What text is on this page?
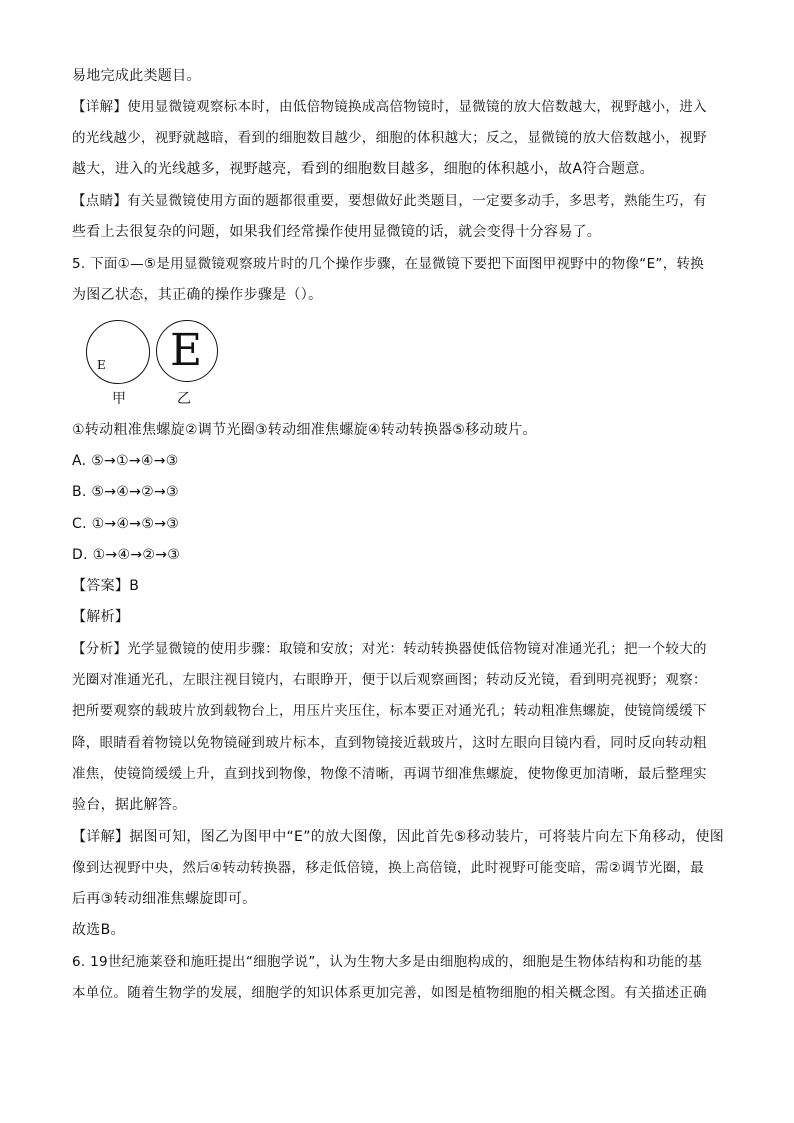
易地完成此类题目。
【详解】使用显微镜观察标本时，由低倍物镜换成高倍物镜时，显微镜的放大倍数越大，视野越小，进入
的光线越少，视野就越暗，看到的细胞数目越少，细胞的体积越大；反之，显微镜的放大倍数越小，视野
越大，进入的光线越多，视野越亮，看到的细胞数目越多，细胞的体积越小，故A符合题意。
【点睛】有关显微镜使用方面的题都很重要，要想做好此类题目，一定要多动手，多思考，熟能生巧，有
些看上去很复杂的问题，如果我们经常操作使用显微镜的话，就会变得十分容易了。
5. 下面①—⑤是用显微镜观察玻片时的几个操作步骤，在显微镜下要把下面图甲视野中的物像“E”，转换
为图乙状态，其正确的操作步骤是（）。
E E
甲	乙
①转动粗准焦螺旋②调节光圈③转动细准焦螺旋④转动转换器⑤移动玻片。
A. ⑤→①→④→③
B. ⑤→④→②→③
C. ①→④→⑤→③
D. ①→④→②→③
【答案】B
【解析】
【分析】光学显微镜的使用步骤：取镜和安放；对光：转动转换器使低倍物镜对准通光孔；把一个较大的
光圈对准通光孔，左眼注视目镜内，右眼睁开，便于以后观察画图；转动反光镜，看到明亮视野；观察：
把所要观察的载玻片放到载物台上，用压片夹压住，标本要正对通光孔；转动粗准焦螺旋，使镜筒缓缓下
降，眼睛看着物镜以免物镜碰到玻片标本，直到物镜接近载玻片，这时左眼向目镜内看，同时反向转动粗
准焦，使镜筒缓缓上升，直到找到物像，物像不清晰，再调节细准焦螺旋，使物像更加清晰，最后整理实
验台，据此解答。
【详解】据图可知，图乙为图甲中“E”的放大图像，因此首先⑤移动装片，可将装片向左下角移动，使图
像到达视野中央，然后④转动转换器，移走低倍镜，换上高倍镜，此时视野可能变暗，需②调节光圈，最
后再③转动细准焦螺旋即可。
故选B。
6. 19世纪施莱登和施旺提出“细胞学说”，认为生物大多是由细胞构成的，细胞是生物体结构和功能的基
本单位。随着生物学的发展，细胞学的知识体系更加完善，如图是植物细胞的相关概念图。有关描述正确
